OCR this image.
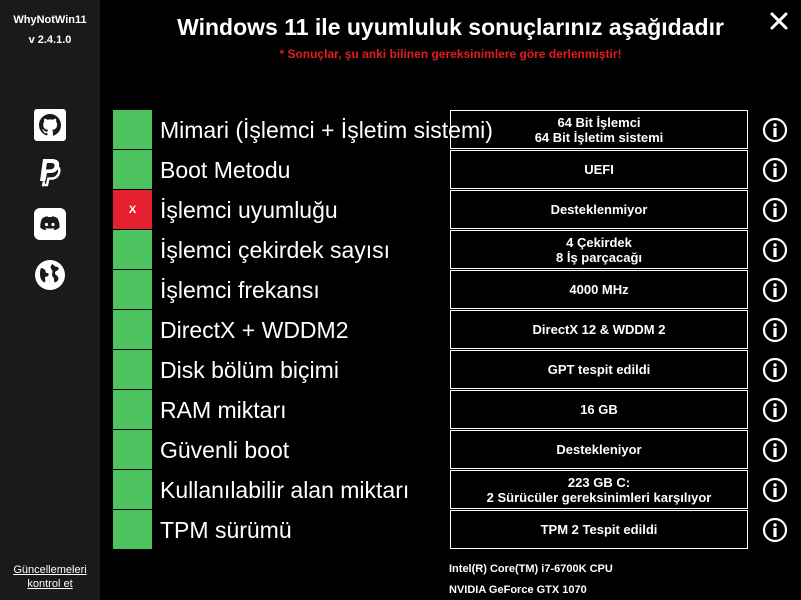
WhyNotWin11
v 2.4.1.0
Güncellemeleri kontrol et
Windows 11 ile uyumluluk sonuçlarınız aşağıdadır
* Sonuçlar, şu anki bilinen gereksinimlere göre derlenmiştir!
Mimari (İşlemci + İşletim sistemi)	64 Bit İşlemci
64 Bit İşletim sistemi
Boot Metodu	UEFI
X	İşlemci uyumluğu	Desteklenmiyor
İşlemci çekirdek sayısı	4 Çekirdek
8 İş parçacağı
İşlemci frekansı	4000 MHz
DirectX + WDDM2	DirectX 12 & WDDM 2
Disk bölüm biçimi	GPT tespit edildi
RAM miktarı	16 GB
Güvenli boot	Destekleniyor
Kullanılabilir alan miktarı	223 GB C:
2 Sürücüler gereksinimleri karşılıyor
TPM sürümü	TPM 2 Tespit edildi
Intel(R) Core(TM) i7-6700K CPU
NVIDIA GeForce GTX 1070
